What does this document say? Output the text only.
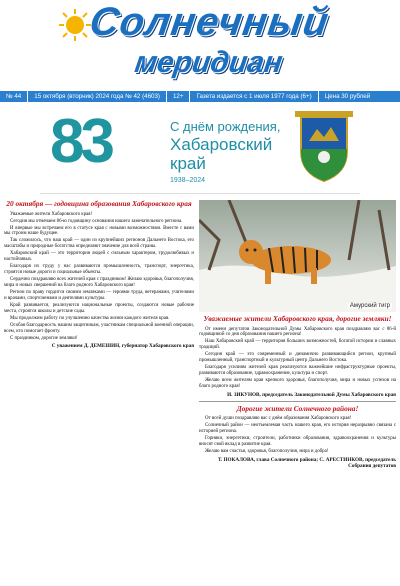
Солнечный
меридиан
№ 44	15 октября (вторник) 2024 года № 42 (4603)	12+	Газета издается с 1 июля 1977 года (6+)	Цена 30 рублей
83	С днём рождения,
Хабаровский край
1938–2024
20 октября — годовщина образования Хабаровского края

Уважаемые жители Хабаровского края!

Сегодня мы отмечаем 86-ю годовщину основания нашего замечательного региона.

И впервые мы встречаем его в статусе края с новыми возможностями. Вместе с вами мы строим наше будущее.

Так сложилось, что наш край — один из крупнейших регионов Дальнего Востока, его масштабы и природные богатства определяют значение для всей страны.

Хабаровский край — это территория людей с сильным характером, трудолюбивых и настойчивых.

Благодаря их труду у нас развиваются промышленность, транспорт, энергетика, строятся новые дороги и социальные объекты.

Сердечно поздравляю всех жителей края с праздником! Желаю здоровья, благополучия, мира и новых свершений на благо родного Хабаровского края!

Регион по праву гордится своими земляками — героями труда, ветеранами, учителями и врачами, спортсменами и деятелями культуры.

Край развивается, реализуются национальные проекты, создаются новые рабочие места, строятся школы и детские сады.

Мы продолжим работу по улучшению качества жизни каждого жителя края.

Особая благодарность нашим защитникам, участникам специальной военной операции, всем, кто помогает фронту.

С праздником, дорогие земляки!

С уважением Д. ДЕМЕШИН, губернатор Хабаровского края
Амурский тигр
Уважаемые жители Хабаровского края, дорогие земляки!

От имени депутатов Законодательной Думы Хабаровского края поздравляю вас с 86-й годовщиной со дня образования нашего региона!

Наш Хабаровский край — территория больших возможностей, богатой истории и славных традиций.

Сегодня край — это современный и динамично развивающийся регион, крупный промышленный, транспортный и культурный центр Дальнего Востока.

Благодаря усилиям жителей края реализуются важнейшие инфраструктурные проекты, развиваются образование, здравоохранение, культура и спорт.

Желаю всем жителям края крепкого здоровья, благополучия, мира и новых успехов на благо родного края!

И. ЗИКУНОВ, председатель Законодательной Думы Хабаровского края
Дорогие жители Солнечного района!

От всей души поздравляю вас с днём образования Хабаровского края!

Солнечный район — неотъемлемая часть нашего края, его история неразрывно связана с историей региона.

Горняки, энергетики, строители, работники образования, здравоохранения и культуры вносят свой вклад в развитие края.

Желаю вам счастья, здоровья, благополучия, мира и добра!

Т. ПОКАЛОВА, глава Солнечного района; С. АРЕСТИНКОВ, председатель Собрания депутатов
